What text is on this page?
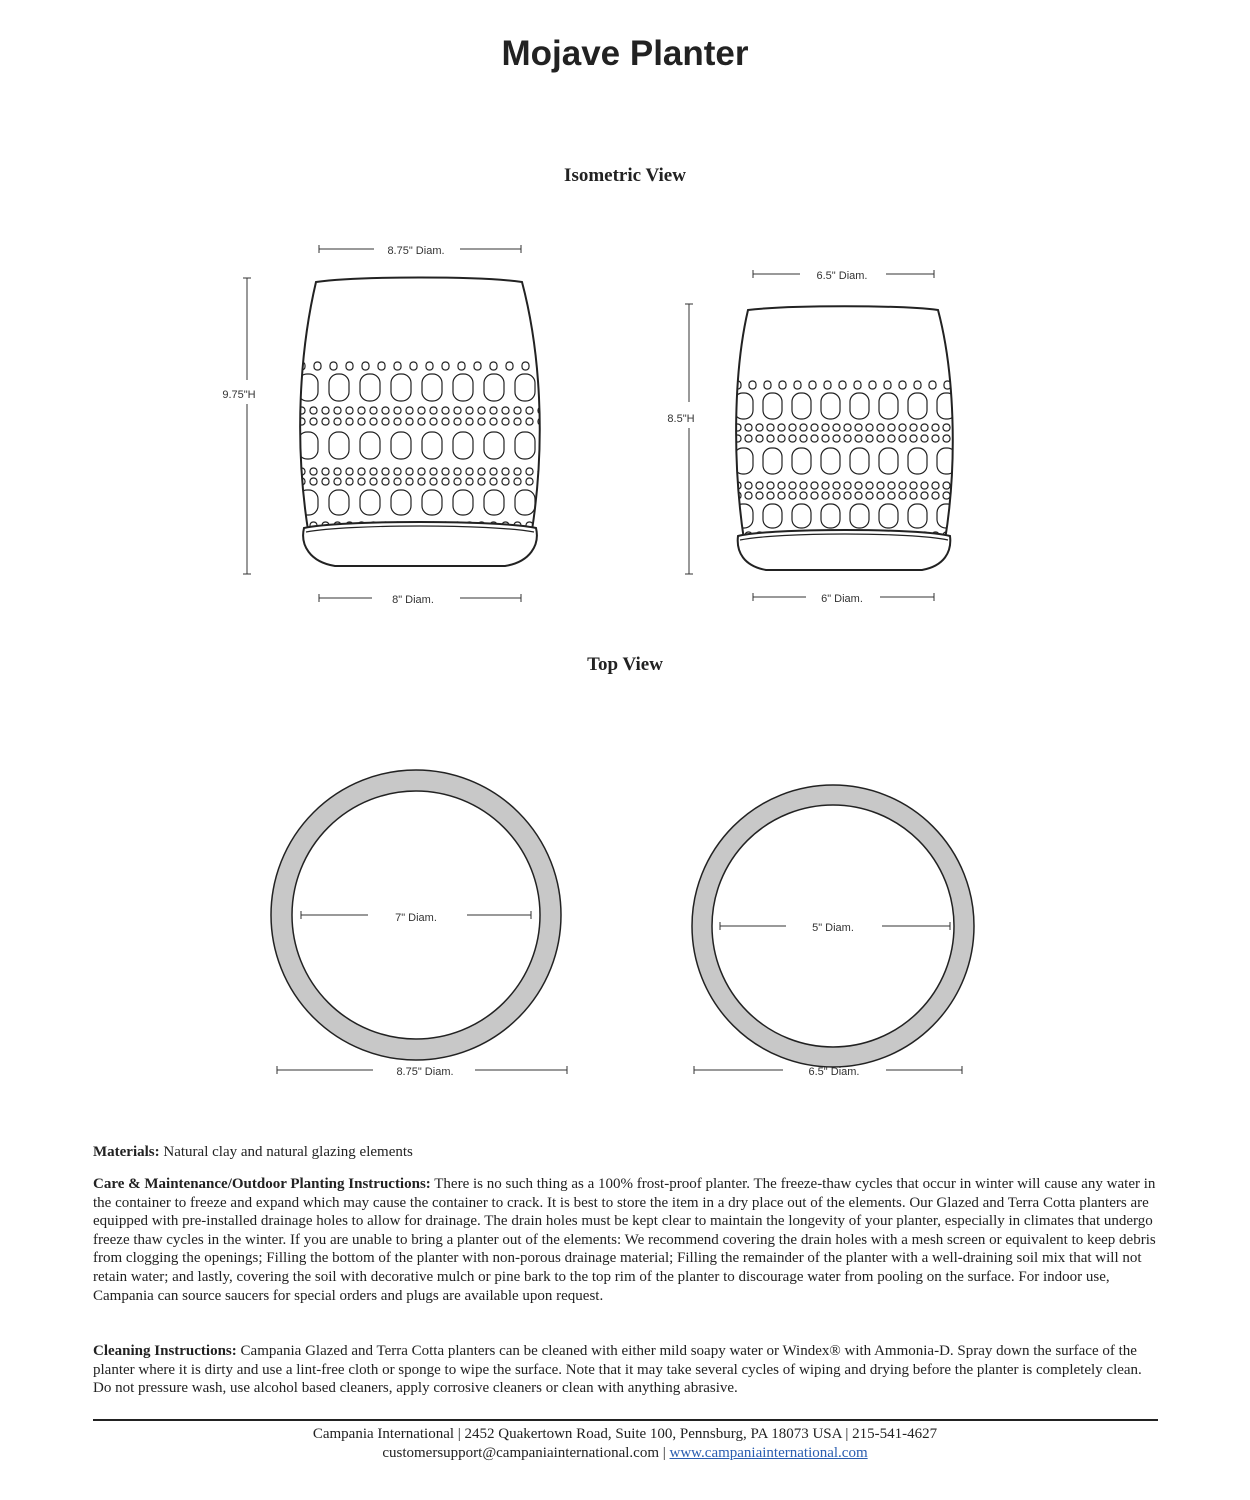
Mojave Planter
Isometric View
Top View
8.75" Diam.
9.75"H
8" Diam.
6.5" Diam.
8.5"H
6" Diam.
7" Diam.
8.75" Diam.
5" Diam.
6.5" Diam.
Materials: Natural clay and natural glazing elements
Care & Maintenance/Outdoor Planting Instructions: There is no such thing as a 100% frost-proof planter. The freeze-thaw cycles that occur in winter will cause any water in the container to freeze and expand which may cause the container to crack. It is best to store the item in a dry place out of the elements. Our Glazed and Terra Cotta planters are equipped with pre-installed drainage holes to allow for drainage. The drain holes must be kept clear to maintain the longevity of your planter, especially in climates that undergo freeze thaw cycles in the winter. If you are unable to bring a planter out of the elements: We recommend covering the drain holes with a mesh screen or equivalent to keep debris from clogging the openings; Filling the bottom of the planter with non-porous drainage material; Filling the remainder of the planter with a well-draining soil mix that will not retain water; and lastly, covering the soil with decorative mulch or pine bark to the top rim of the planter to discourage water from pooling on the surface. For indoor use, Campania can source saucers for special orders and plugs are available upon request.
Cleaning Instructions: Campania Glazed and Terra Cotta planters can be cleaned with either mild soapy water or Windex® with Ammonia-D. Spray down the surface of the planter where it is dirty and use a lint-free cloth or sponge to wipe the surface. Note that it may take several cycles of wiping and drying before the planter is completely clean. Do not pressure wash, use alcohol based cleaners, apply corrosive cleaners or clean with anything abrasive.
Campania International | 2452 Quakertown Road, Suite 100, Pennsburg, PA 18073 USA | 215-541-4627
customersupport@campaniainternational.com | www.campaniainternational.com
